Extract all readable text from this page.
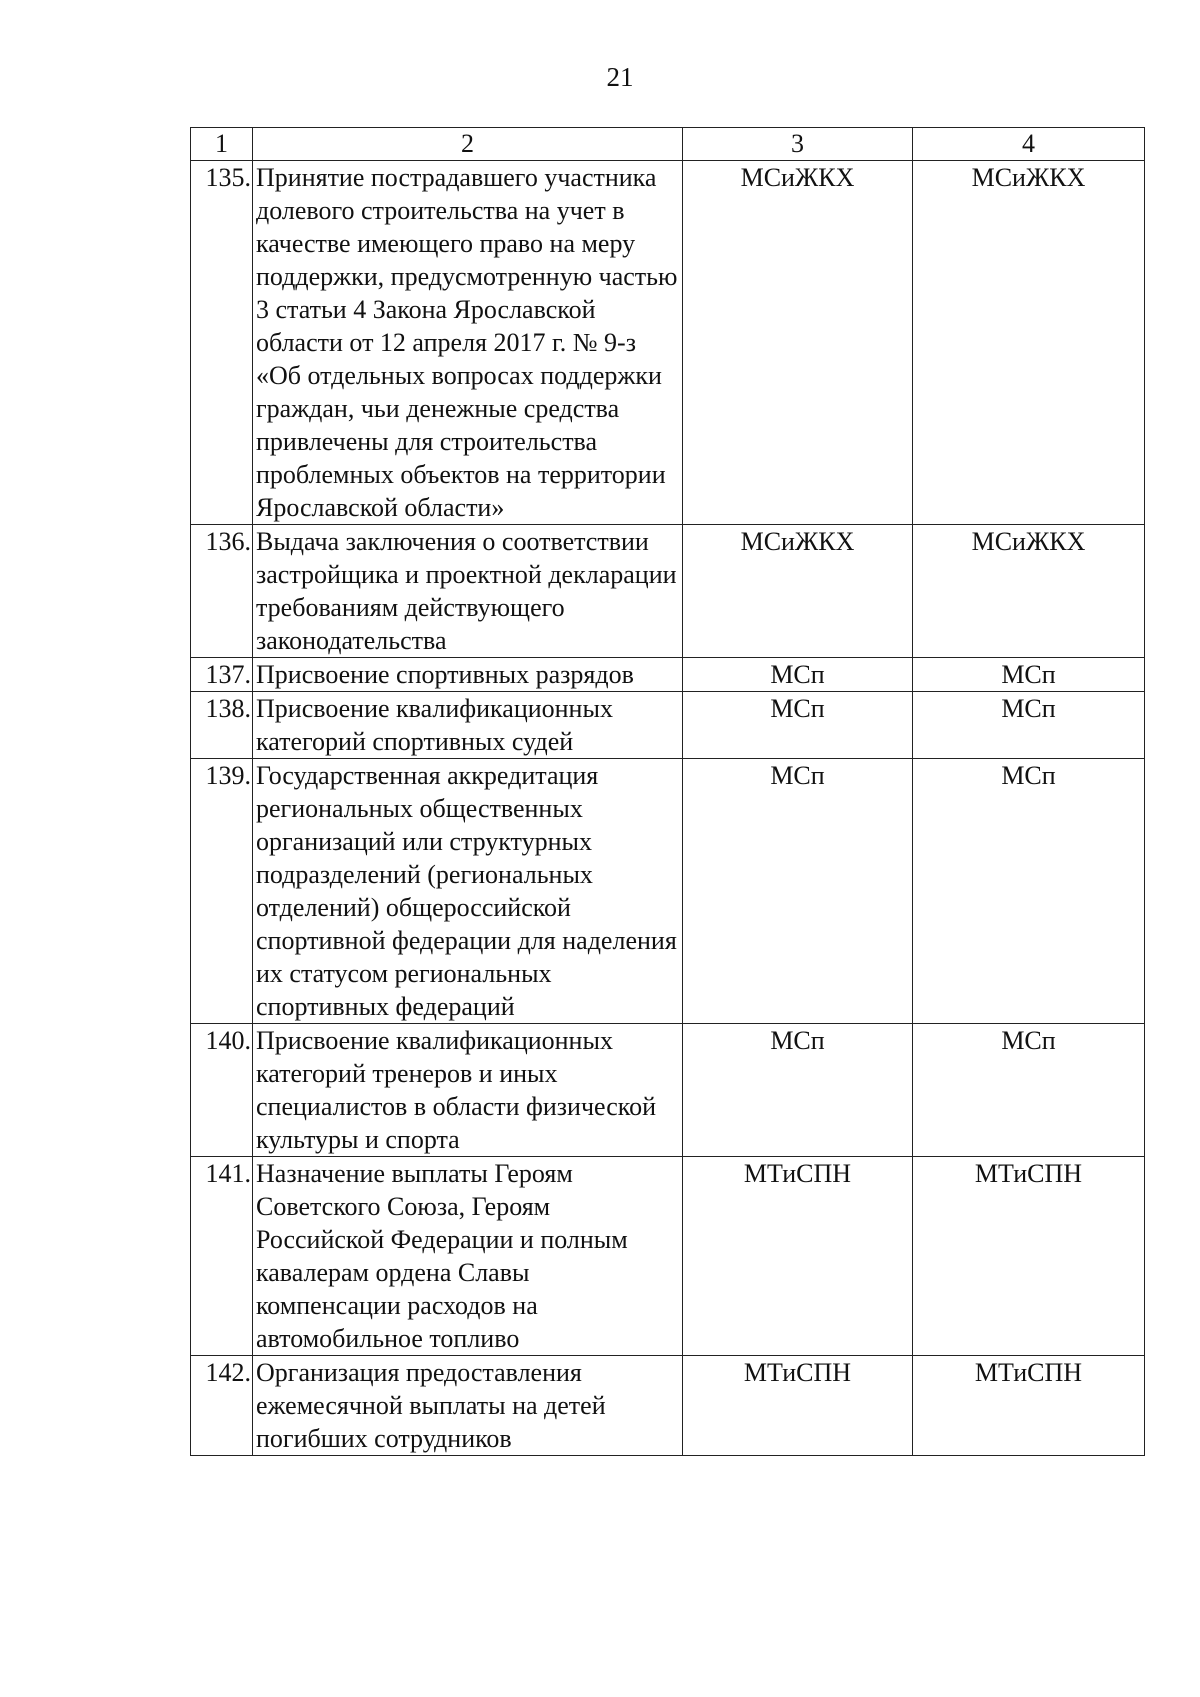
21
1	2	3	4
135.	Принятие пострадавшего участника долевого строительства на учет в качестве имеющего право на меру поддержки, предусмотренную частью 3 статьи 4 Закона Ярославской области от 12 апреля 2017 г. № 9-з «Об отдельных вопросах поддержки граждан, чьи денежные средства привлечены для строительства проблемных объектов на территории Ярославской области»	МСиЖКХ	МСиЖКХ
136.	Выдача заключения о соответствии застройщика и проектной декларации требованиям действующего законодательства	МСиЖКХ	МСиЖКХ
137.	Присвоение спортивных разрядов	МСп	МСп
138.	Присвоение квалификационных категорий спортивных судей	МСп	МСп
139.	Государственная аккредитация региональных общественных организаций или структурных подразделений (региональных отделений) общероссийской спортивной федерации для наделения их статусом региональных спортивных федераций	МСп	МСп
140.	Присвоение квалификационных категорий тренеров и иных специалистов в области физической культуры и спорта	МСп	МСп
141.	Назначение выплаты Героям Советского Союза, Героям Российской Федерации и полным кавалерам ордена Славы компенсации расходов на автомобильное топливо	МТиСПН	МТиСПН
142.	Организация предоставления ежемесячной выплаты на детей погибших сотрудников	МТиСПН	МТиСПН
